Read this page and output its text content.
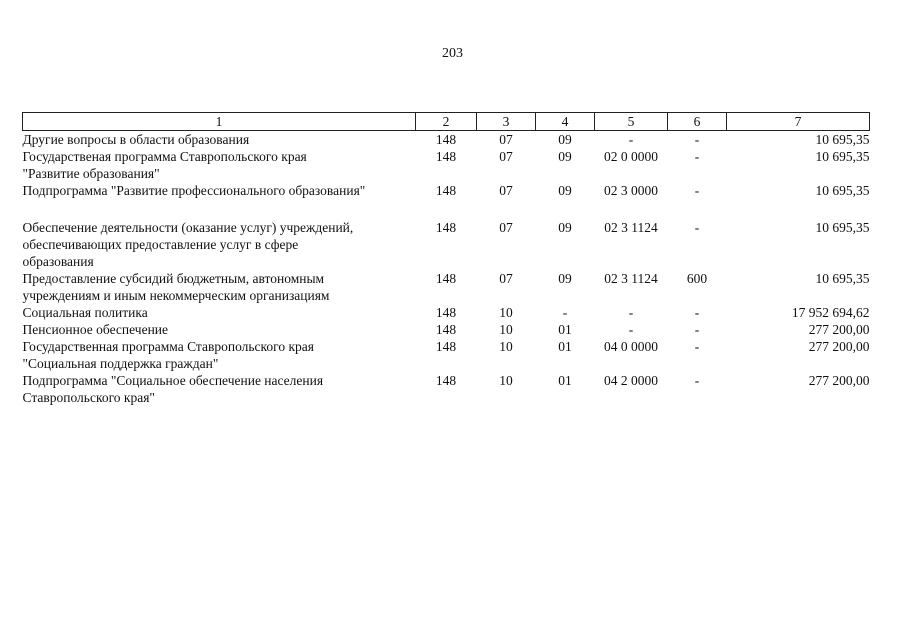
203
1	2	3	4	5	6	7

Другие вопросы в области образования	148	07	09	-	-	10 695,35

Государственая программа Ставропольского края
"Развитие образования"	148	07	09	02 0 0000	-	10 695,35

Подпрограмма "Развитие профессионального образования"	148	07	09	02 3 0000	-	10 695,35

Обеспечение деятельности (оказание услуг) учреждений,
обеспечивающих предоставление услуг в сфере
образования	148	07	09	02 3 1124	-	10 695,35

Предоставление субсидий бюджетным, автономным
учреждениям и иным некоммерческим организациям	148	07	09	02 3 1124	600	10 695,35

Социальная политика	148	10	-	-	-	17 952 694,62

Пенсионное обеспечение	148	10	01	-	-	277 200,00

Государственная программа Ставропольского края
"Социальная поддержка граждан"	148	10	01	04 0 0000	-	277 200,00

Подпрограмма "Социальное обеспечение населения
Ставропольского края"	148	10	01	04 2 0000	-	277 200,00
